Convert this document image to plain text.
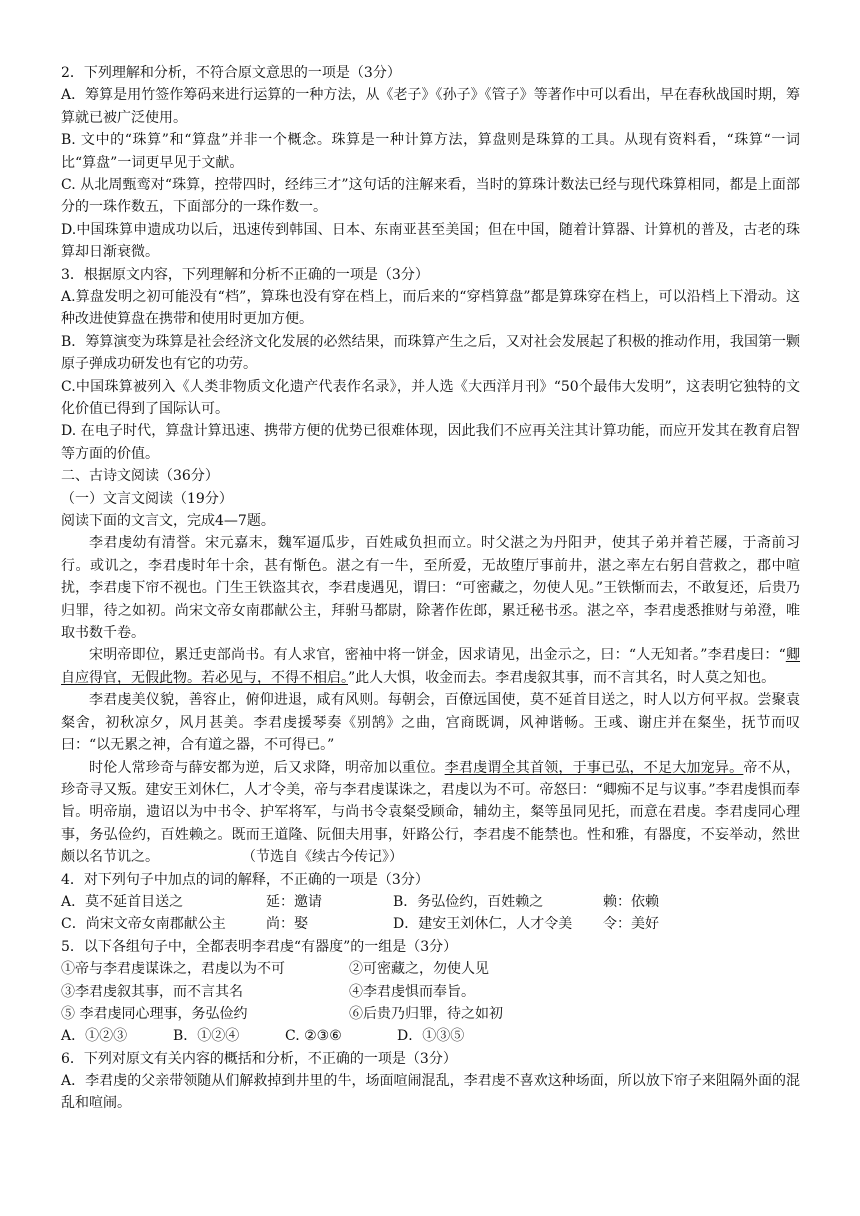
2．下列理解和分析，不符合原文意思的一项是（3分）
A．筹算是用竹签作筹码来进行运算的一种方法，从《老子》《孙子》《管子》等著作中可以看出，早在春秋战国时期，筹算就已被广泛使用。
B. 文中的“珠算”和“算盘”并非一个概念。珠算是一种计算方法，算盘则是珠算的工具。从现有资料看，“珠算“一词比“算盘”一词更早见于文献。
C. 从北周甄鸾对“珠算，控带四时，经纬三才”这句话的注解来看，当时的算珠计数法已经与现代珠算相同，都是上面部分的一珠作数五，下面部分的一珠作数一。
D.中国珠算申遗成功以后，迅速传到韩国、日本、东南亚甚至美国；但在中国，随着计算器、计算机的普及，古老的珠算却日渐衰微。
3．根据原文内容，下列理解和分析不正确的一项是（3分）
A.算盘发明之初可能没有“档”，算珠也没有穿在档上，而后来的“穿档算盘”都是算珠穿在档上，可以沿档上下滑动。这种改进使算盘在携带和使用时更加方便。
B．筹算演变为珠算是社会经济文化发展的必然结果，而珠算产生之后，又对社会发展起了积极的推动作用，我国第一颗原子弹成功研发也有它的功劳。
C.中国珠算被列入《人类非物质文化遗产代表作名录》，并人选《大西洋月刊》“50个最伟大发明”，这表明它独特的文化价值已得到了国际认可。
D. 在电子时代，算盘计算迅速、携带方便的优势已很难体现，因此我们不应再关注其计算功能，而应开发其在教育启智等方面的价值。
二、古诗文阅读（36分）
（一）文言文阅读（19分）
阅读下面的文言文，完成4—7题。
李君虔幼有清誉。宋元嘉末，魏军逼瓜步，百姓咸负担而立。时父湛之为丹阳尹，使其子弟并着芒屦，于斋前习行。或讥之，李君虔时年十余，甚有惭色。湛之有一牛，至所爱，无故堕厅事前井，湛之率左右躬自营救之，郡中喧扰，李君虔下帘不视也。门生王铁盗其衣，李君虔遇见，谓曰：“可密藏之，勿使人见。”王铁惭而去，不敢复还，后贵乃归罪，待之如初。尚宋文帝女南郡献公主，拜驸马都尉，除著作佐郎，累迁秘书丞。湛之卒，李君虔悉推财与弟澄，唯取书数千卷。
宋明帝即位，累迁吏部尚书。有人求官，密袖中将一饼金，因求请见，出金示之，曰：“人无知者。”李君虔曰：“卿自应得官，无假此物。若必见与，不得不相启。”此人大惧，收金而去。李君虔叙其事，而不言其名，时人莫之知也。
李君虔美仪貌，善容止，俯仰进退，咸有风则。每朝会，百僚远国使，莫不延首目送之，时人以方何平叔。尝聚袁粲舍，初秋凉夕，风月甚美。李君虔援琴奏《别鹄》之曲，宫商既调，风神谐畅。王彧、谢庄并在粲坐，抚节而叹曰：“以无累之神，合有道之器，不可得已。”
时伦人常珍奇与薛安都为逆，后又求降，明帝加以重位。李君虔谓全其首领，于事已弘，不足大加宠异。帝不从，珍奇寻又叛。建安王刘休仁，人才令美，帝与李君虔谋诛之，君虔以为不可。帝怒曰：“卿痴不足与议事。”李君虔惧而奉旨。明帝崩，遗诏以为中书令、护军将军，与尚书令袁粲受顾命，辅幼主，粲等虽同见托，而意在君虔。李君虔同心理事，务弘俭约，百姓赖之。既而王道隆、阮佃夫用事，奸路公行，李君虔不能禁也。性和雅，有器度，不妄举动，然世颇以名节讥之。	（节选自《续古今传记》）
4．对下列句子中加点的词的解释，不正确的一项是（3分）
A．莫不延首目送之	延：邀请	B．务弘俭约，百姓赖之	赖：依赖
C．尚宋文帝女南郡献公主	尚：娶	D．建安王刘休仁，人才令美	令：美好
5．以下各组句子中，全都表明李君虔“有器度”的一组是（3分）
①帝与李君虔谋诛之，君虔以为不可	②可密藏之，勿使人见
③李君虔叙其事，而不言其名	④李君虔惧而奉旨。
⑤ 李君虔同心理事，务弘俭约	⑥后贵乃归罪，待之如初
A．①②③	B．①②④	C. ②③⑥	D．①③⑤
6．下列对原文有关内容的概括和分析，不正确的一项是（3分）
A．李君虔的父亲带领随从们解救掉到井里的牛，场面喧闹混乱，李君虔不喜欢这种场面，所以放下帘子来阻隔外面的混乱和喧闹。
